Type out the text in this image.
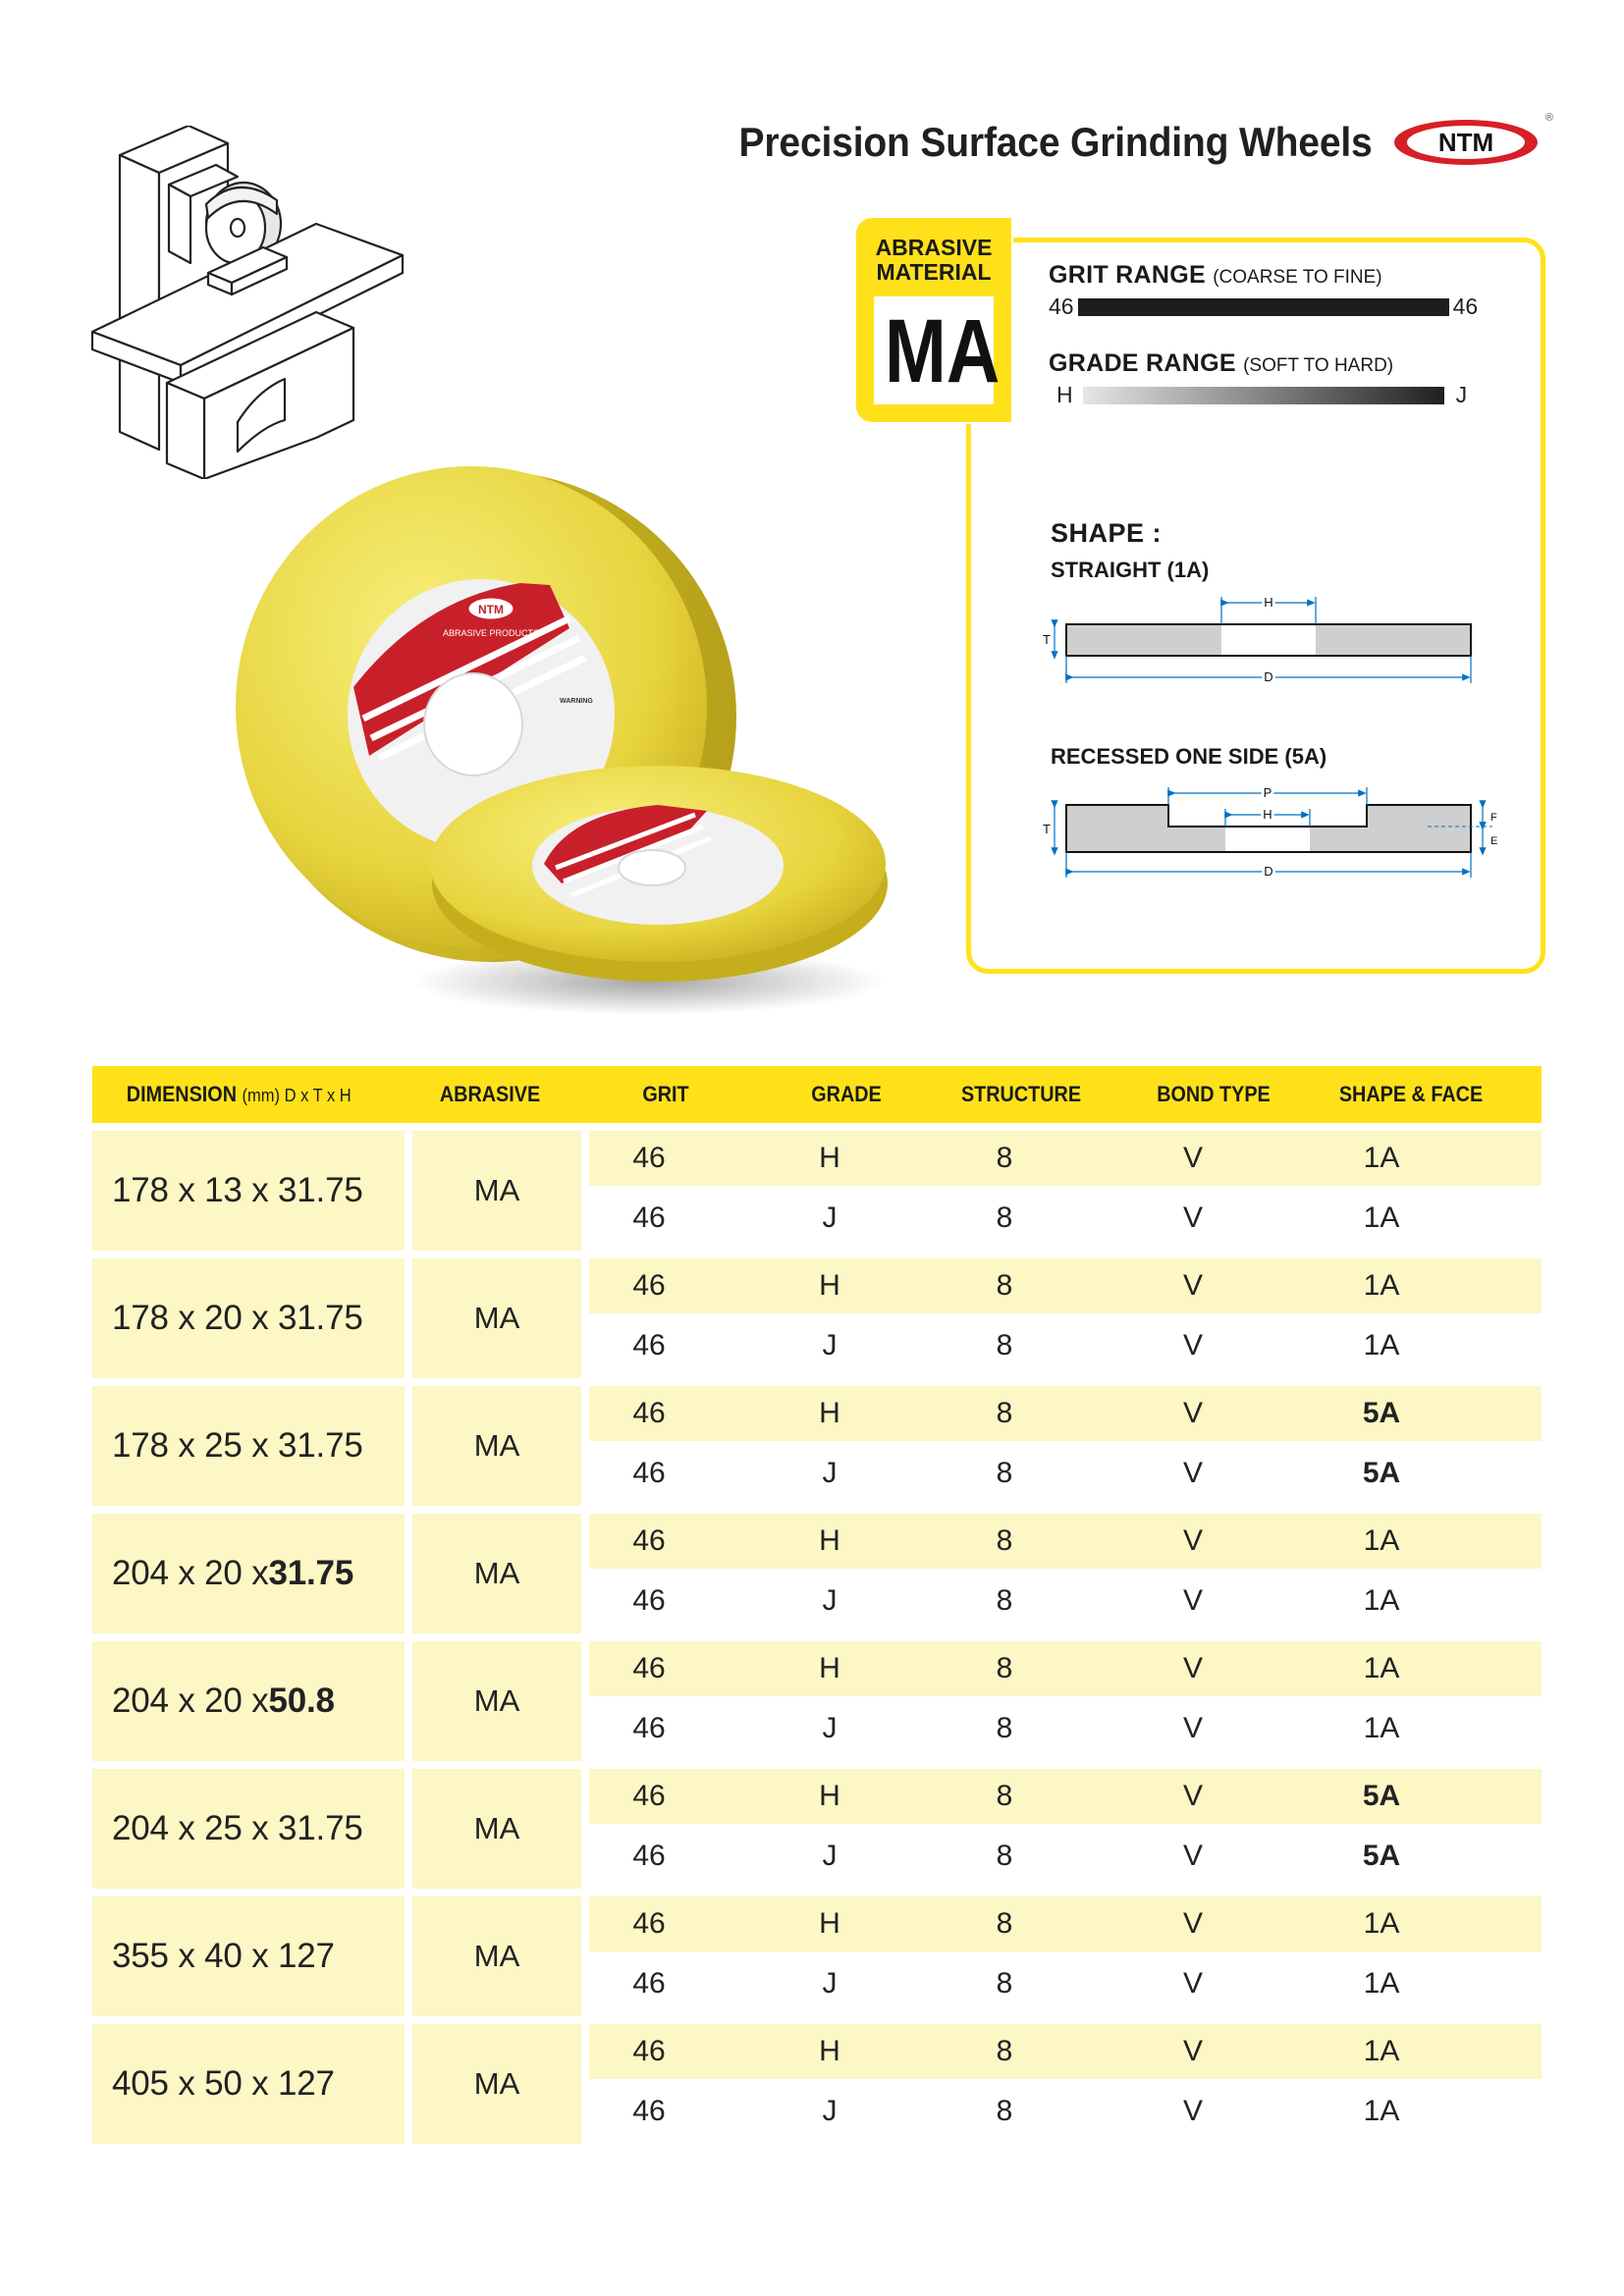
Precision Surface Grinding Wheels	NTM
®
ABRASIVE
MATERIAL
MA
GRIT RANGE (COARSE TO FINE)
46	46
GRADE RANGE (SOFT TO HARD)
H	J
SHAPE :
STRAIGHT (1A)
H
T
D
RECESSED ONE SIDE (5A)
P
H
T
F
E
D
NTM
ABRASIVE PRODUCTS
WARNING
DIMENSION (mm) D x T x H	ABRASIVE	GRIT	GRADE	STRUCTURE	BOND TYPE	SHAPE & FACE
178 x 13 x 31.75	MA
46	H	8	V	1A
46	J	8	V	1A
178 x 20 x 31.75	MA
46	H	8	V	1A
46	J	8	V	1A
178 x 25 x 31.75	MA
46	H	8	V	5A
46	J	8	V	5A
204 x 20 x 31.75	MA
46	H	8	V	1A
46	J	8	V	1A
204 x 20 x 50.8	MA
46	H	8	V	1A
46	J	8	V	1A
204 x 25 x 31.75	MA
46	H	8	V	5A
46	J	8	V	5A
355 x 40 x 127	MA
46	H	8	V	1A
46	J	8	V	1A
405 x 50 x 127	MA
46	H	8	V	1A
46	J	8	V	1A
